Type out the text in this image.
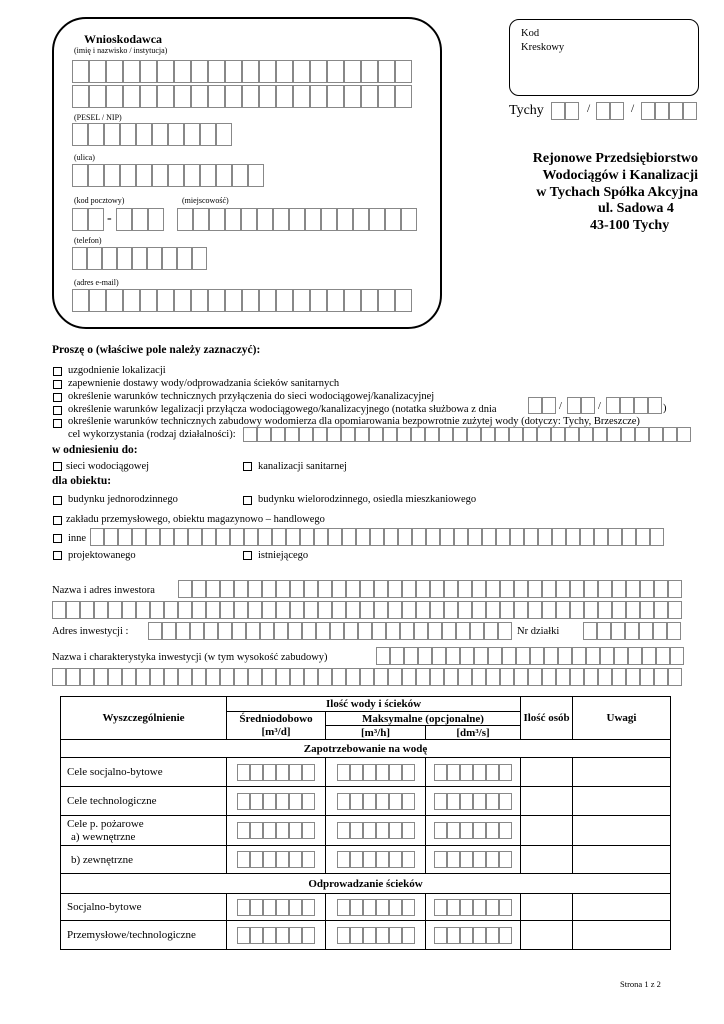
Wnioskodawca
(imię i nazwisko / instytucja)
(PESEL / NIP)
(ulica)
(kod pocztowy)	(miejscowość)
-
(telefon)
(adres e-mail)
Kod
Kreskowy
Tychy	/	/
Rejonowe Przedsiębiorstwo
Wodociągów i Kanalizacji
w Tychach Spółka Akcyjna
ul. Sadowa 4
43-100 Tychy
Proszę o (właściwe pole należy zaznaczyć):
uzgodnienie lokalizacji
zapewnienie dostawy wody/odprowadzania ścieków sanitarnych
określenie warunków technicznych przyłączenia do sieci wodociągowej/kanalizacyjnej
określenie warunków legalizacji przyłącza wodociągowego/kanalizacyjnego (notatka służbowa z dnia	/	/	)
określenie warunków technicznych zabudowy wodomierza dla opomiarowania bezpowrotnie zużytej wody (dotyczy: Tychy, Brzeszcze)
cel wykorzystania (rodzaj działalności):
w odniesieniu do:
sieci wodociągowej	kanalizacji sanitarnej
dla obiektu:
budynku jednorodzinnego	budynku wielorodzinnego, osiedla mieszkaniowego
zakładu przemysłowego, obiektu magazynowo – handlowego
inne
projektowanego	istniejącego
Nazwa i adres inwestora
Adres inwestycji :	Nr działki
Nazwa i charakterystyka inwestycji (w tym wysokość zabudowy)
Wyszczególnienie	Ilość wody i ścieków			Ilość osób	Uwagi
	Średniodobowo	Maksymalne (opcjonalne)			
	[m³/d]	[m³/h]	[dm³/s]		
Zapotrzebowanie na wodę					
Cele socjalno-bytowe	

Cele technologiczne	

Cele p. pożarowe
a) wewnętrzne					

b) zewnętrzne	

Odprowadzanie ścieków					
Socjalno-bytowe	

Przemysłowe/technologiczne	

Strona 1 z 2
